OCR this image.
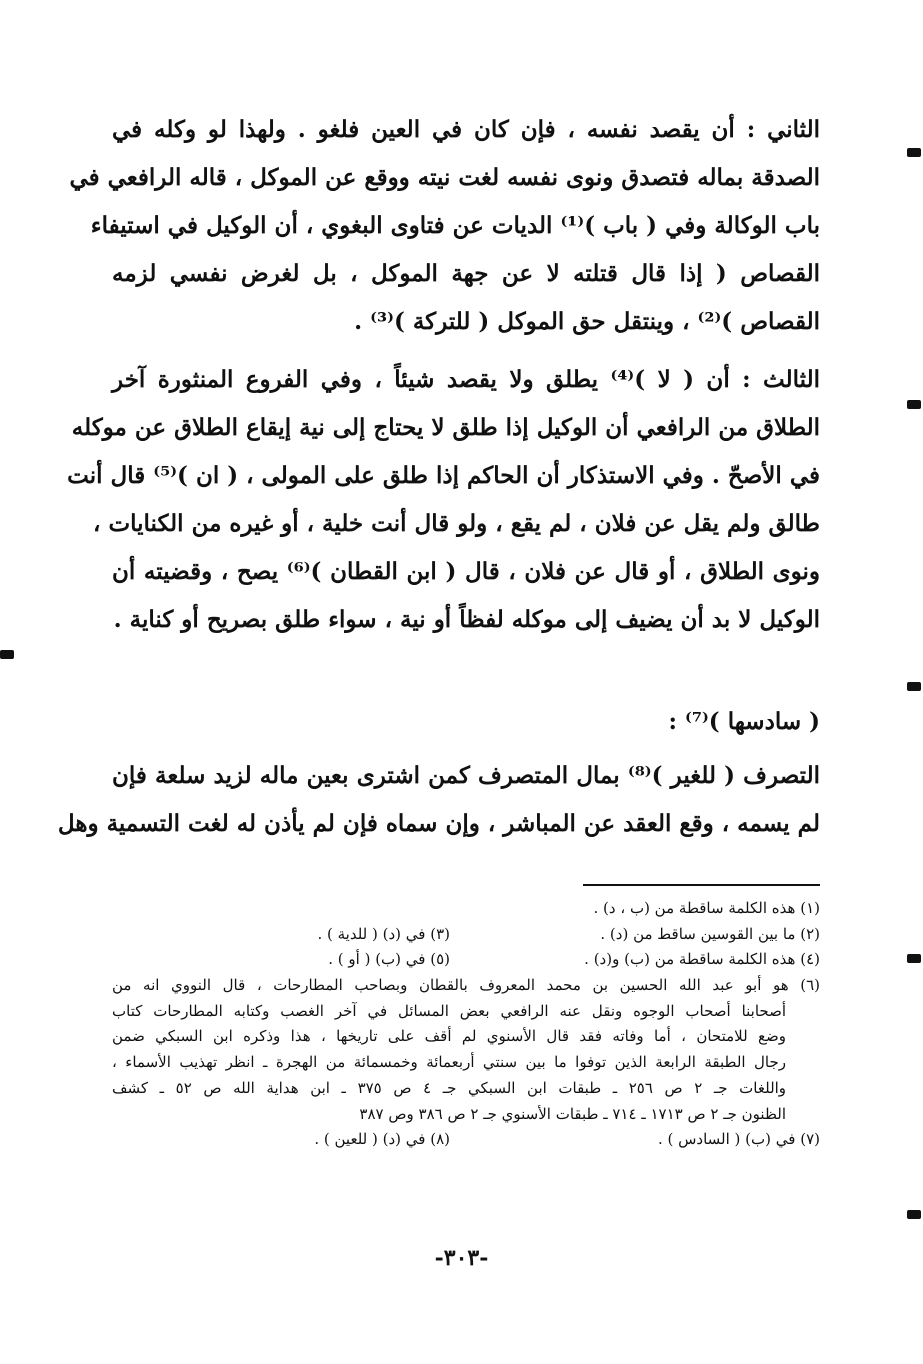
الثاني : أن يقصد نفسه ، فإن كان في العين فلغو . ولهذا لو وكله في
الصدقة بماله فتصدق ونوى نفسه لغت نيته ووقع عن الموكل ، قاله الرافعي في
باب الوكالة وفي ( باب )⁽¹⁾ الديات عن فتاوى البغوي ، أن الوكيل في استيفاء
القصاص ( إذا قال قتلته لا عن جهة الموكل ، بل لغرض نفسي لزمه
القصاص )⁽²⁾ ، وينتقل حق الموكل ( للتركة )⁽³⁾ .
الثالث : أن ( لا )⁽⁴⁾ يطلق ولا يقصد شيئاً ، وفي الفروع المنثورة آخر
الطلاق من الرافعي أن الوكيل إذا طلق لا يحتاج إلى نية إيقاع الطلاق عن موكله
في الأصحّ . وفي الاستذكار أن الحاكم إذا طلق على المولى ، ( ان )⁽⁵⁾ قال أنت
طالق ولم يقل عن فلان ، لم يقع ، ولو قال أنت خلية ، أو غيره من الكنايات ،
ونوى الطلاق ، أو قال عن فلان ، قال ( ابن القطان )⁽⁶⁾ يصح ، وقضيته أن
الوكيل لا بد أن يضيف إلى موكله لفظاً أو نية ، سواء طلق بصريح أو كناية .
( سادسها )⁽⁷⁾ :
التصرف ( للغير )⁽⁸⁾ بمال المتصرف كمن اشترى بعين ماله لزيد سلعة فإن
لم يسمه ، وقع العقد عن المباشر ، وإن سماه فإن لم يأذن له لغت التسمية وهل
(١) هذه الكلمة ساقطة من (ب ، د) .
(٢) ما بين القوسين ساقط من (د) .
(٣) في (د) ( للدية ) .
(٤) هذه الكلمة ساقطة من (ب) و(د) .
(٥) في (ب) ( أو ) .
(٦) هو أبو عبد الله الحسين بن محمد المعروف بالقطان وبصاحب المطارحات ، قال النووي انه من
أصحابنا أصحاب الوجوه ونقل عنه الرافعي بعض المسائل في آخر الغصب وكتابه المطارحات كتاب
وضع للامتحان ، أما وفاته فقد قال الأسنوي لم أقف على تاريخها ، هذا وذكره ابن السبكي ضمن
رجال الطبقة الرابعة الذين توفوا ما بين سنتي أربعمائة وخمسمائة من الهجرة ـ انظر تهذيب الأسماء ،
واللغات جـ ٢ ص ٢٥٦ ـ طبقات ابن السبكي جـ ٤ ص ٣٧٥ ـ ابن هداية الله ص ٥٢ ـ كشف
الظنون جـ ٢ ص ١٧١٣ ـ ٧١٤ ـ طبقات الأسنوي جـ ٢ ص ٣٨٦ وص ٣٨٧
(٧) في (ب) ( السادس ) .
(٨) في (د) ( للعين ) .
-٣٠٣-
